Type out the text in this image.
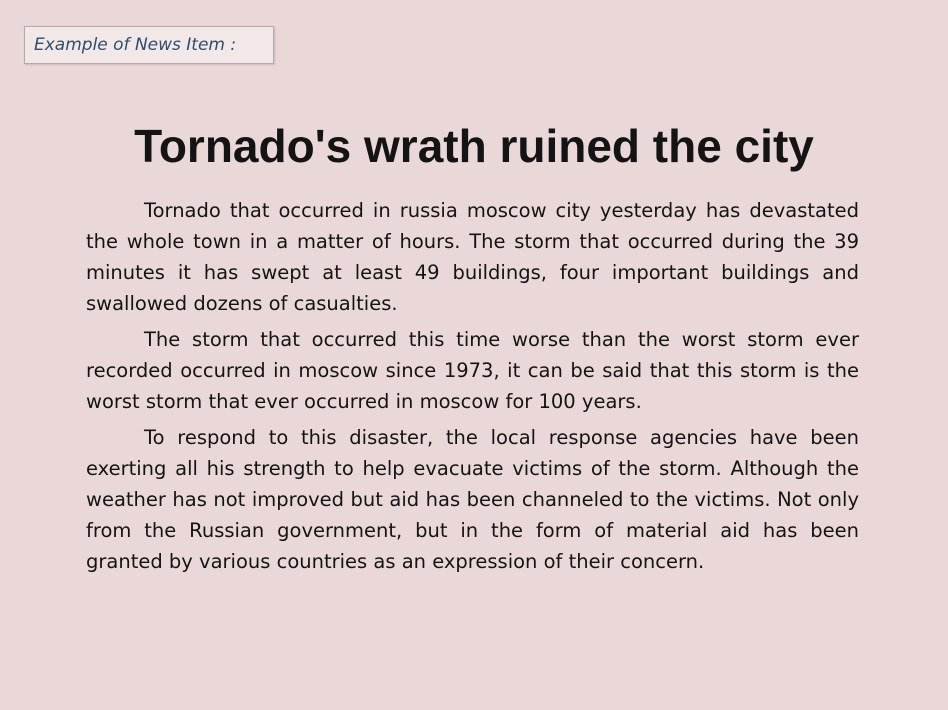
Example of News Item :
Tornado's wrath ruined the city

Tornado that occurred in russia moscow city yesterday has devastated the whole town in a matter of hours. The storm that occurred during the 39 minutes it has swept at least 49 buildings, four important buildings and swallowed dozens of casualties.

The storm that occurred this time worse than the worst storm ever recorded occurred in moscow since 1973, it can be said that this storm is the worst storm that ever occurred in moscow for 100 years.

To respond to this disaster, the local response agencies have been exerting all his strength to help evacuate victims of the storm. Although the weather has not improved but aid has been channeled to the victims. Not only from the Russian government, but in the form of material aid has been granted by various countries as an expression of their concern.
